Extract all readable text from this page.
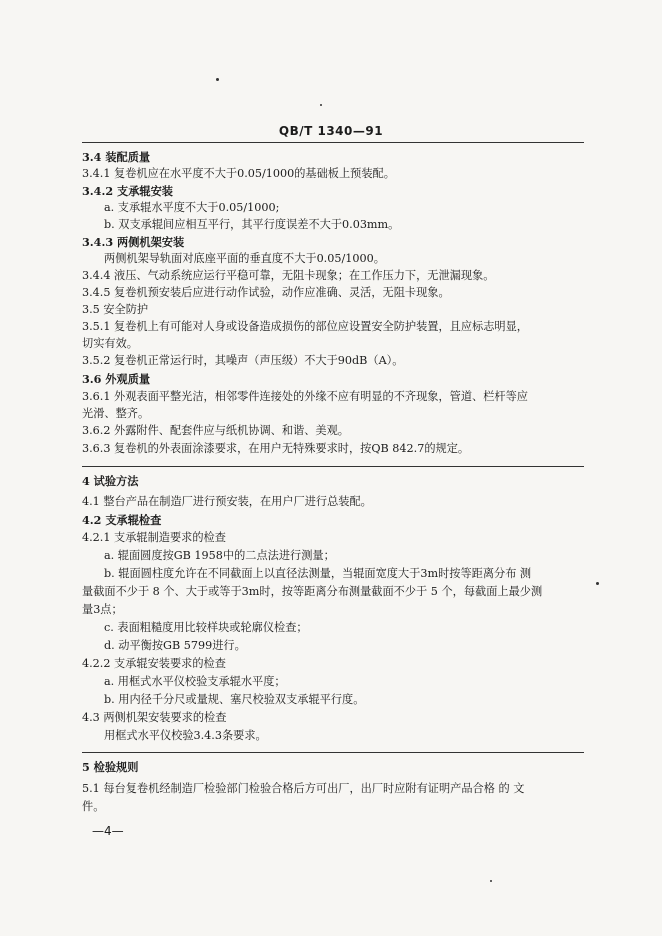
QB/T 1340—91
3.4 装配质量
3.4.1 复卷机应在水平度不大于0.05/1000的基础板上预装配。
3.4.2 支承辊安装
a. 支承辊水平度不大于0.05/1000;
b. 双支承辊间应相互平行，其平行度误差不大于0.03mm。
3.4.3 两侧机架安装
两侧机架导轨面对底座平面的垂直度不大于0.05/1000。
3.4.4 液压、气动系统应运行平稳可靠，无阻卡现象；在工作压力下，无泄漏现象。
3.4.5 复卷机预安装后应进行动作试验，动作应准确、灵活，无阻卡现象。
3.5 安全防护
3.5.1 复卷机上有可能对人身或设备造成损伤的部位应设置安全防护装置，且应标志明显，
切实有效。
3.5.2 复卷机正常运行时，其噪声（声压级）不大于90dB（A）。
3.6 外观质量
3.6.1 外观表面平整光洁，相邻零件连接处的外缘不应有明显的不齐现象，管道、栏杆等应
光滑、整齐。
3.6.2 外露附件、配套件应与纸机协调、和谐、美观。
3.6.3 复卷机的外表面涂漆要求，在用户无特殊要求时，按QB 842.7的规定。
4 试验方法
4.1 整台产品在制造厂进行预安装，在用户厂进行总装配。
4.2 支承辊检查
4.2.1 支承辊制造要求的检查
a. 辊面圆度按GB 1958中的二点法进行测量；
b. 辊面圆柱度允许在不同截面上以直径法测量，当辊面宽度大于3m时按等距离分布 测
量截面不少于 8 个、大于或等于3m时，按等距离分布测量截面不少于 5 个，每截面上最少测
量3点；
c. 表面粗糙度用比较样块或轮廓仪检查；
d. 动平衡按GB 5799进行。
4.2.2 支承辊安装要求的检查
a. 用框式水平仪校验支承辊水平度；
b. 用内径千分尺或量规、塞尺校验双支承辊平行度。
4.3 两侧机架安装要求的检查
用框式水平仪校验3.4.3条要求。
5 检验规则
5.1 每台复卷机经制造厂检验部门检验合格后方可出厂，出厂时应附有证明产品合格 的 文
件。
—4—
